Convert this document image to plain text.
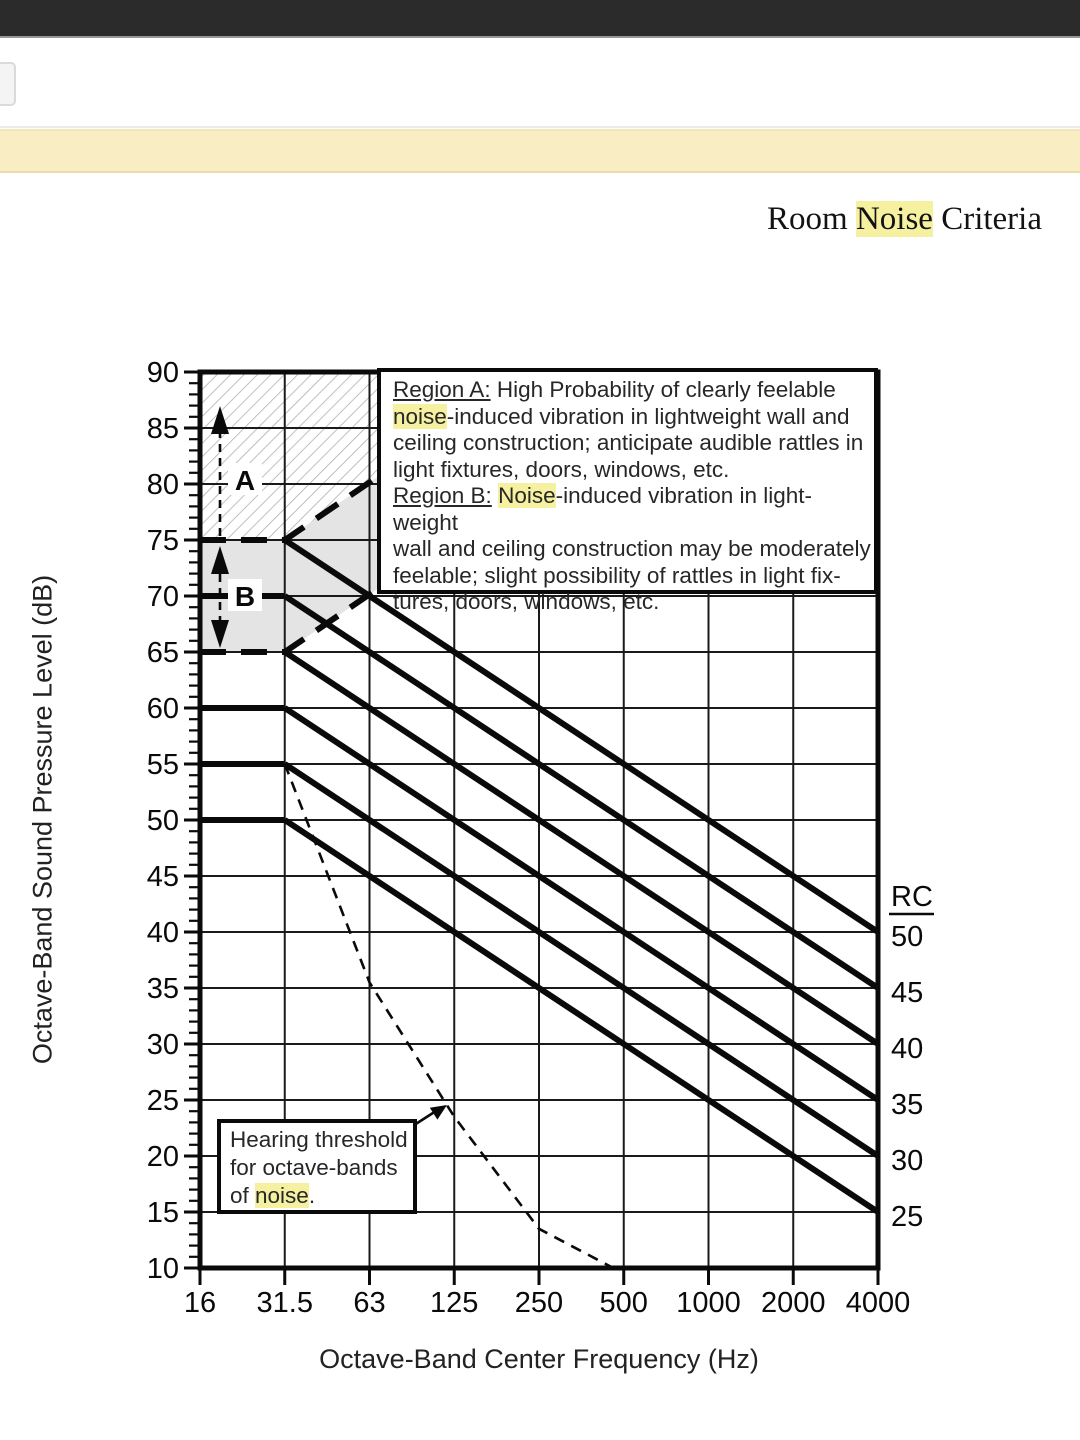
Room Noise Criteria
A
B
90
85
80
75
70
65
60
55
50
45
40
35
30
25
20
15
10
16 31.5 63 125 250 500 1000 2000 4000
RC
50
45
40
35
30
25
Region A: High Probability of clearly feelable
noise-induced vibration in lightweight wall and
ceiling construction; anticipate audible rattles in
light fixtures, doors, windows, etc.
Region B: Noise-induced vibration in light-weight
wall and ceiling construction may be moderately
feelable; slight possibility of rattles in light fix-
tures, doors, windows, etc.
Hearing threshold
for octave-bands
of noise.
Octave-Band Sound Pressure Level (dB)
Octave-Band Center Frequency (Hz)
